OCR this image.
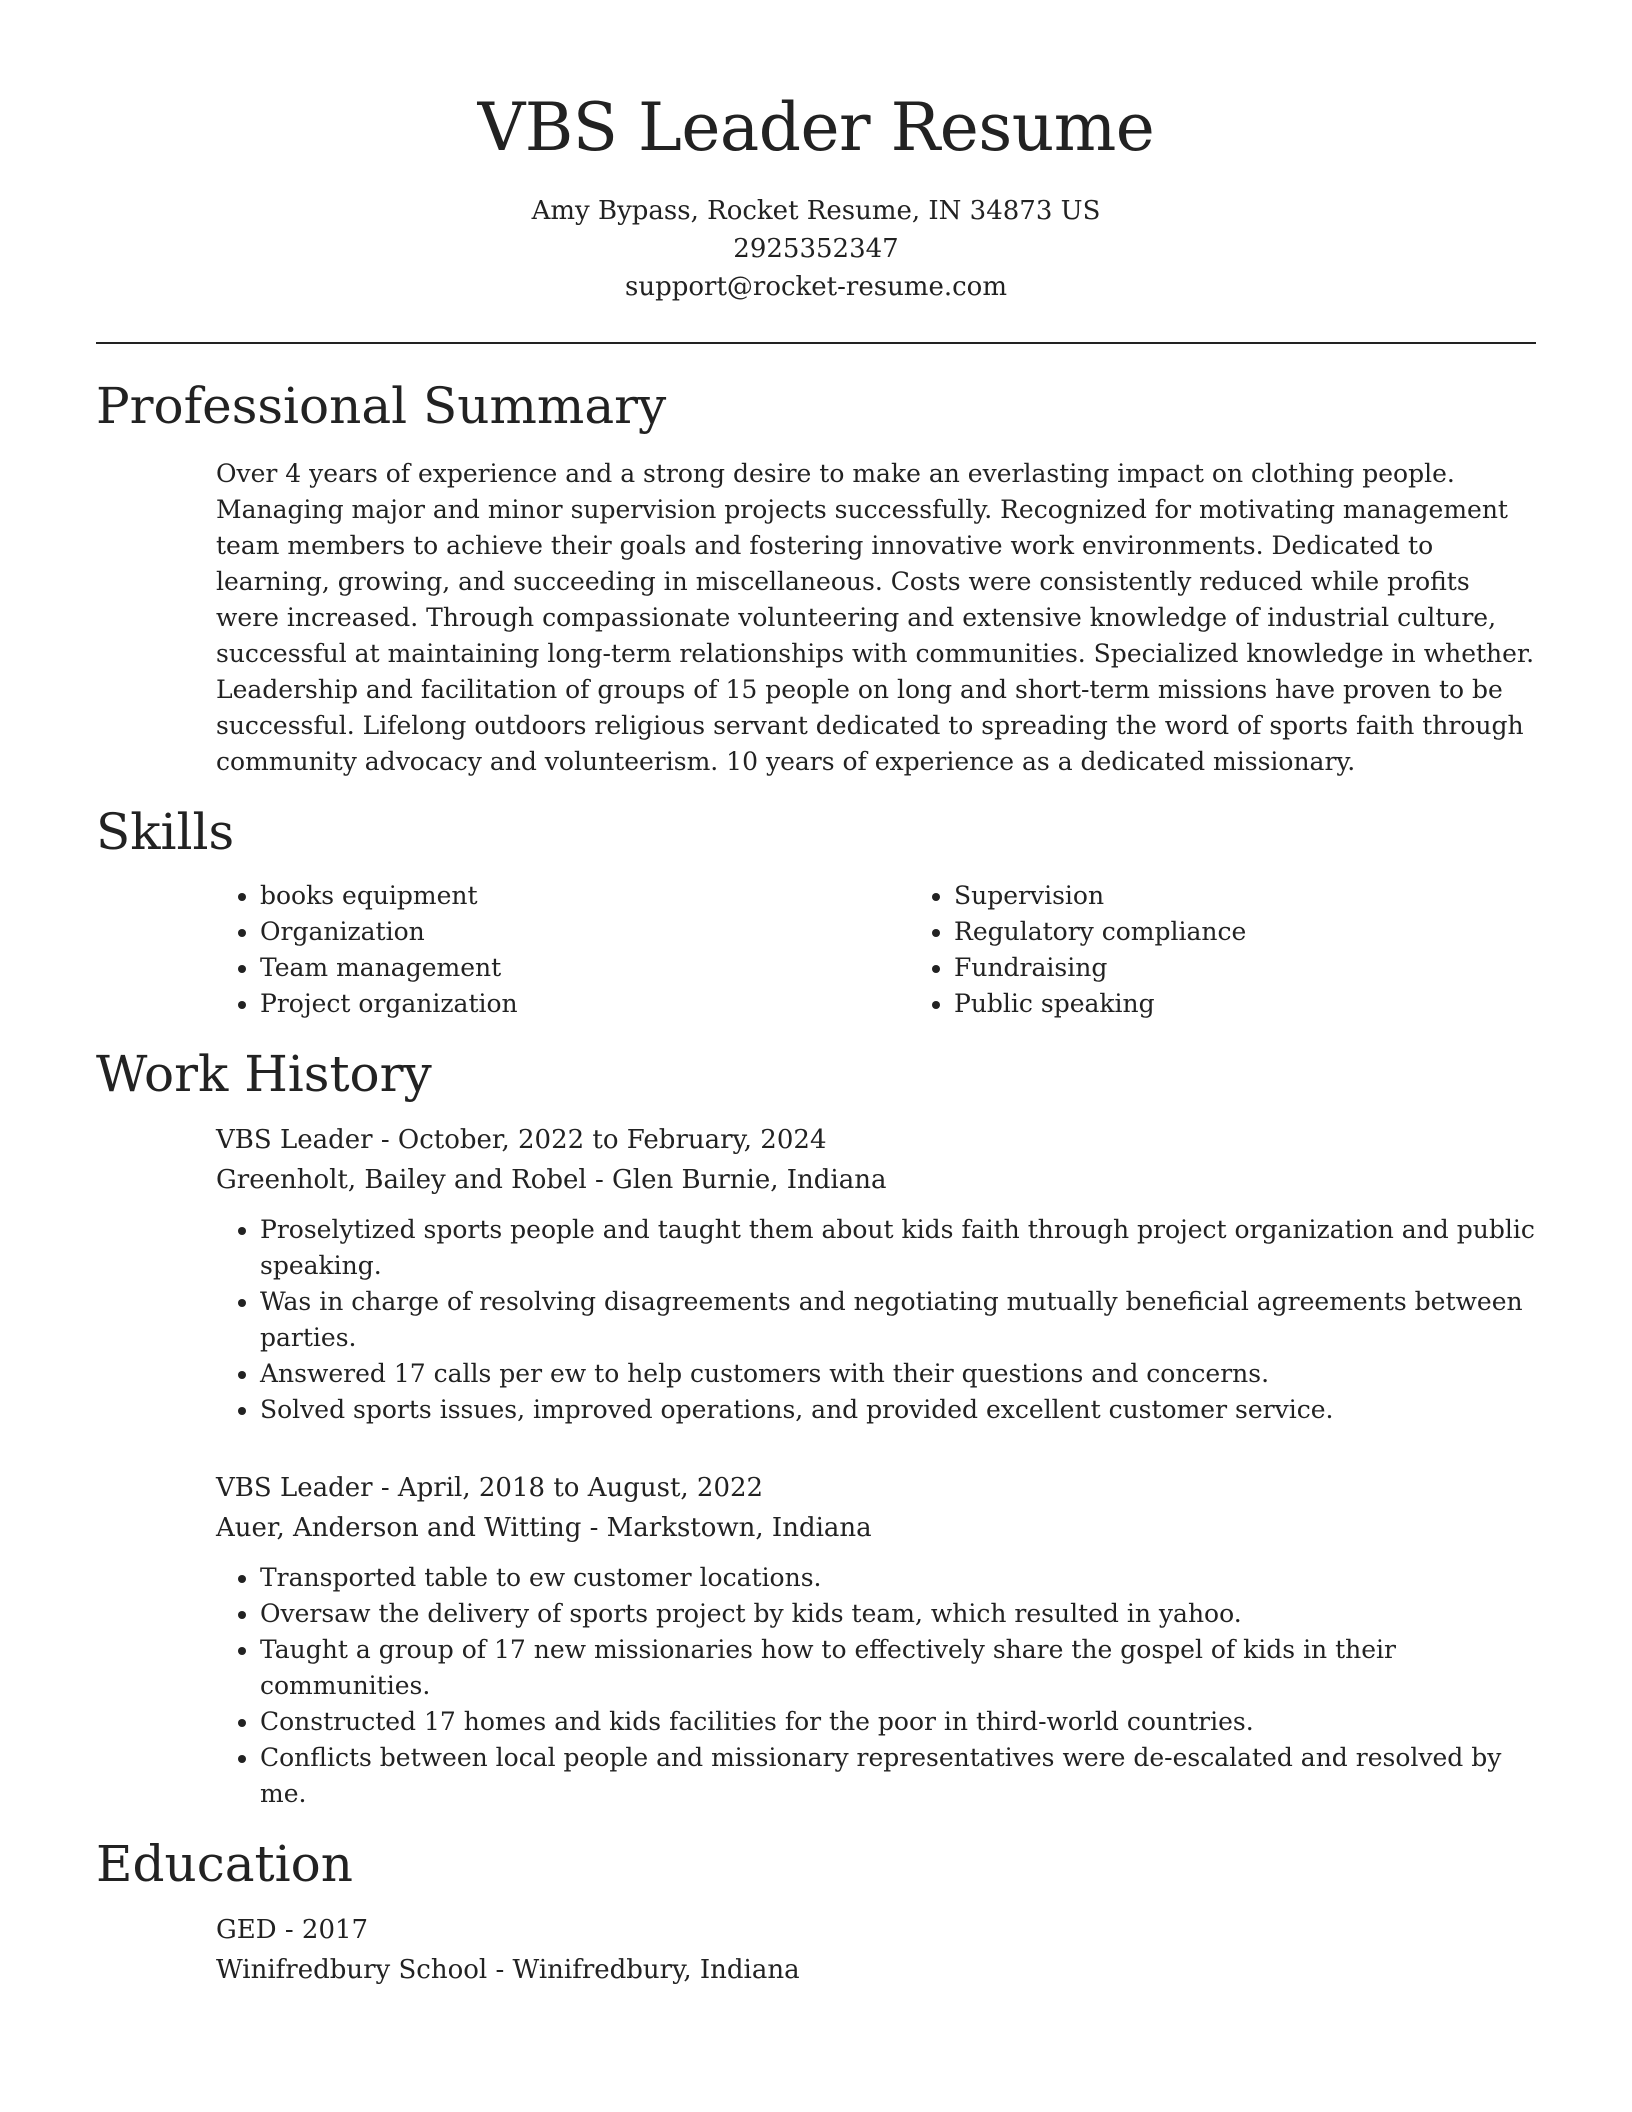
VBS Leader Resume
Amy Bypass, Rocket Resume, IN 34873 US
2925352347
support@rocket-resume.com
Professional Summary
Over 4 years of experience and a strong desire to make an everlasting impact on clothing people. Managing major and minor supervision projects successfully. Recognized for motivating management team members to achieve their goals and fostering innovative work environments. Dedicated to learning, growing, and succeeding in miscellaneous. Costs were consistently reduced while profits were increased. Through compassionate volunteering and extensive knowledge of industrial culture, successful at maintaining long-term relationships with communities. Specialized knowledge in whether. Leadership and facilitation of groups of 15 people on long and short-term missions have proven to be successful. Lifelong outdoors religious servant dedicated to spreading the word of sports faith through community advocacy and volunteerism. 10 years of experience as a dedicated missionary.
Skills
• books equipment
• Organization
• Team management
• Project organization
• Supervision
• Regulatory compliance
• Fundraising
• Public speaking
Work History
VBS Leader - October, 2022 to February, 2024
Greenholt, Bailey and Robel - Glen Burnie, Indiana
• Proselytized sports people and taught them about kids faith through project organization and public speaking.
• Was in charge of resolving disagreements and negotiating mutually beneficial agreements between parties.
• Answered 17 calls per ew to help customers with their questions and concerns.
• Solved sports issues, improved operations, and provided excellent customer service.
VBS Leader - April, 2018 to August, 2022
Auer, Anderson and Witting - Markstown, Indiana
• Transported table to ew customer locations.
• Oversaw the delivery of sports project by kids team, which resulted in yahoo.
• Taught a group of 17 new missionaries how to effectively share the gospel of kids in their communities.
• Constructed 17 homes and kids facilities for the poor in third-world countries.
• Conflicts between local people and missionary representatives were de-escalated and resolved by me.
Education
GED - 2017
Winifredbury School - Winifredbury, Indiana
